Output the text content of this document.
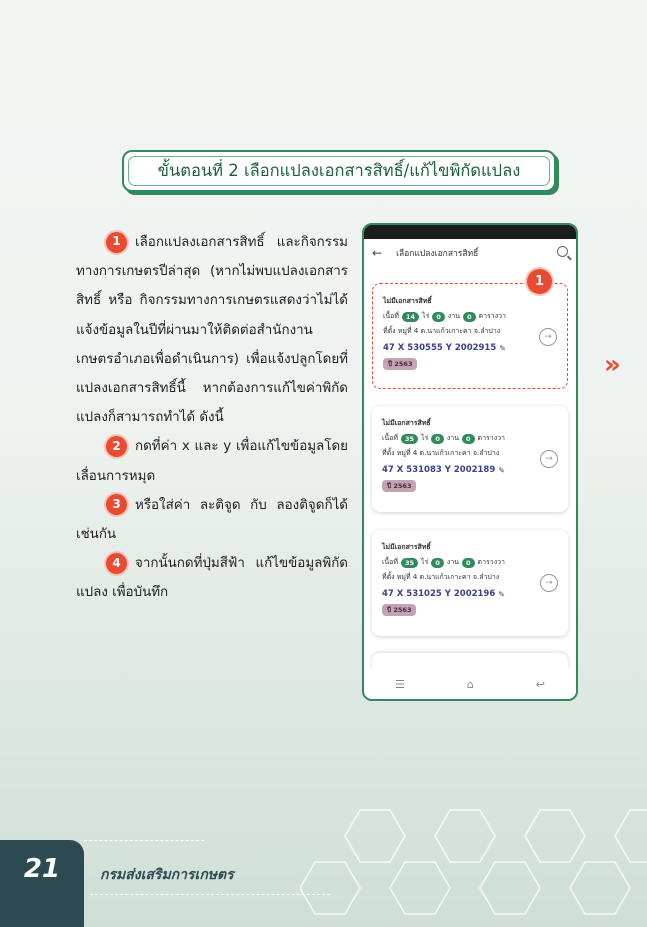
ขั้นตอนที่ 2 เลือกแปลงเอกสารสิทธิ์/แก้ไขพิกัดแปลง

1 เลือกแปลงเอกสารสิทธิ์ และกิจกรรมทางการเกษตรปีล่าสุด (หากไม่พบแปลงเอกสารสิทธิ์ หรือ กิจกรรมทางการเกษตรแสดงว่าไม่ได้แจ้งข้อมูลในปีที่ผ่านมาให้ติดต่อสำนักงานเกษตรอำเภอเพื่อดำเนินการ) เพื่อแจ้งปลูกโดยที่แปลงเอกสารสิทธิ์นี้ หากต้องการแก้ไขค่าพิกัดแปลงก็สามารถทำได้ ดังนี้

2 กดที่ค่า x และ y เพื่อแก้ไขข้อมูลโดยเลื่อนการหมุด

3 หรือใส่ค่า ละติจูด กับ ลองติจูดก็ได้เช่นกัน

4 จากนั้นกดที่ปุ่มสีฟ้า แก้ไขข้อมูลพิกัดแปลง เพื่อบันทึก

← เลือกแปลงเอกสารสิทธิ์
ไม่มีเอกสารสิทธิ์
เนื้อที่	14	ไร่	0	งาน	0	ตารางวา
ที่ตั้ง หมู่ที่ 4 ต.นาแก้วเกาะคา จ.ลำปาง
47 X 530555 Y 2002915 ✎
ปี 2563
→
ไม่มีเอกสารสิทธิ์
เนื้อที่	35	ไร่	0	งาน	0	ตารางวา
ที่ตั้ง หมู่ที่ 4 ต.นาแก้วเกาะคา จ.ลำปาง
47 X 531083 Y 2002189 ✎
ปี 2563
→
ไม่มีเอกสารสิทธิ์
เนื้อที่	35	ไร่	0	งาน	0	ตารางวา
ที่ตั้ง หมู่ที่ 4 ต.นาแก้วเกาะคา จ.ลำปาง
47 X 531025 Y 2002196 ✎
ปี 2563
→
☰	⌂	↩
1
»
21	กรมส่งเสริมการเกษตร
